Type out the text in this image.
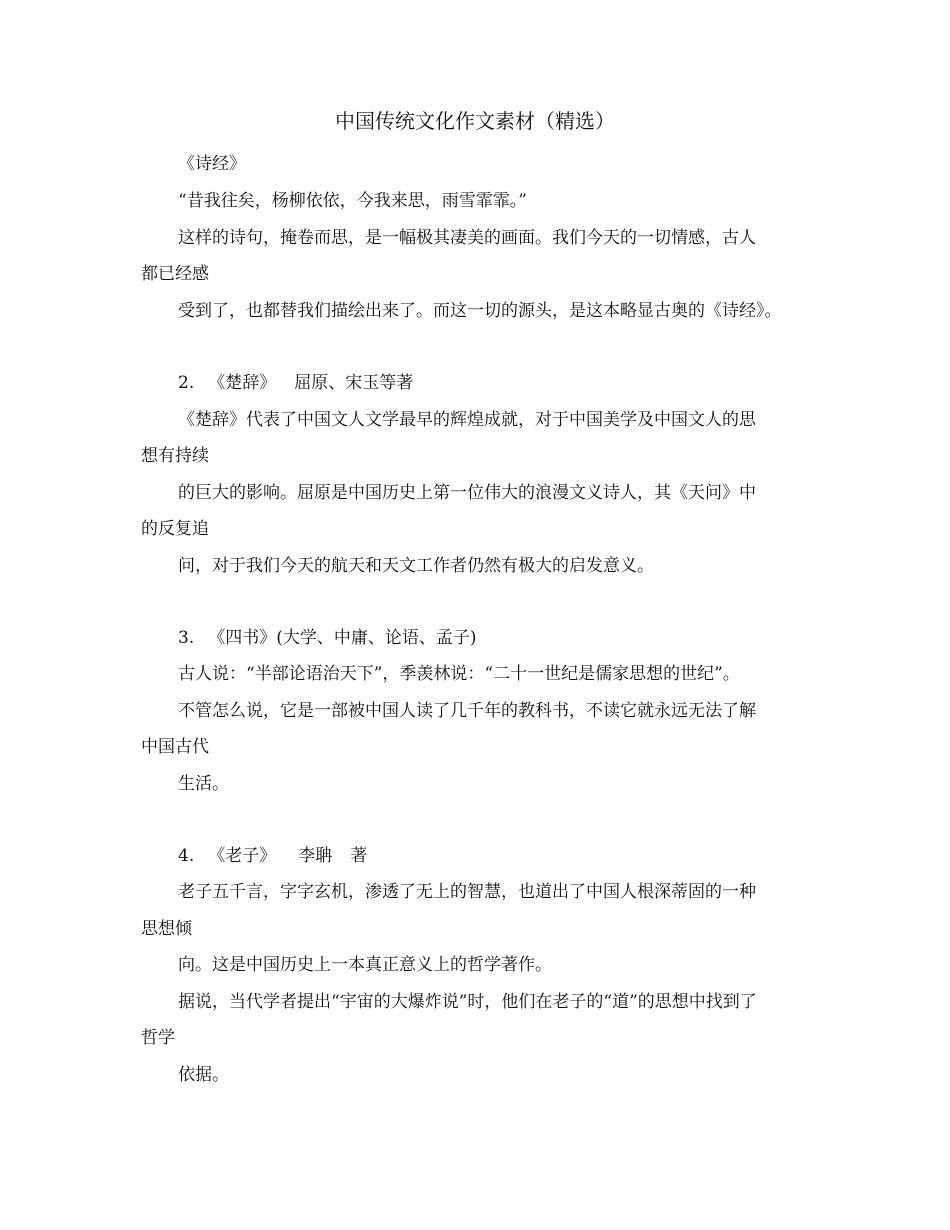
中国传统文化作文素材（精选）
《诗经》
“昔我往矣，杨柳依依，今我来思，雨雪霏霏。”
这样的诗句，掩卷而思，是一幅极其凄美的画面。我们今天的一切情感，古人
都已经感
受到了，也都替我们描绘出来了。而这一切的源头，是这本略显古奥的《诗经》。
2. 《楚辞》 屈原、宋玉等著
《楚辞》代表了中国文人文学最早的辉煌成就，对于中国美学及中国文人的思
想有持续
的巨大的影响。屈原是中国历史上第一位伟大的浪漫文义诗人，其《天问》中
的反复追
问，对于我们今天的航天和天文工作者仍然有极大的启发意义。
3. 《四书》(大学、中庸、论语、孟子)
古人说：“半部论语治天下”，季羡林说：“二十一世纪是儒家思想的世纪”。
不管怎么说，它是一部被中国人读了几千年的教科书，不读它就永远无法了解
中国古代
生活。
4. 《老子》 李聃 著
老子五千言，字字玄机，渗透了无上的智慧，也道出了中国人根深蒂固的一种
思想倾
向。这是中国历史上一本真正意义上的哲学著作。
据说，当代学者提出“宇宙的大爆炸说”时，他们在老子的“道”的思想中找到了
哲学
依据。
